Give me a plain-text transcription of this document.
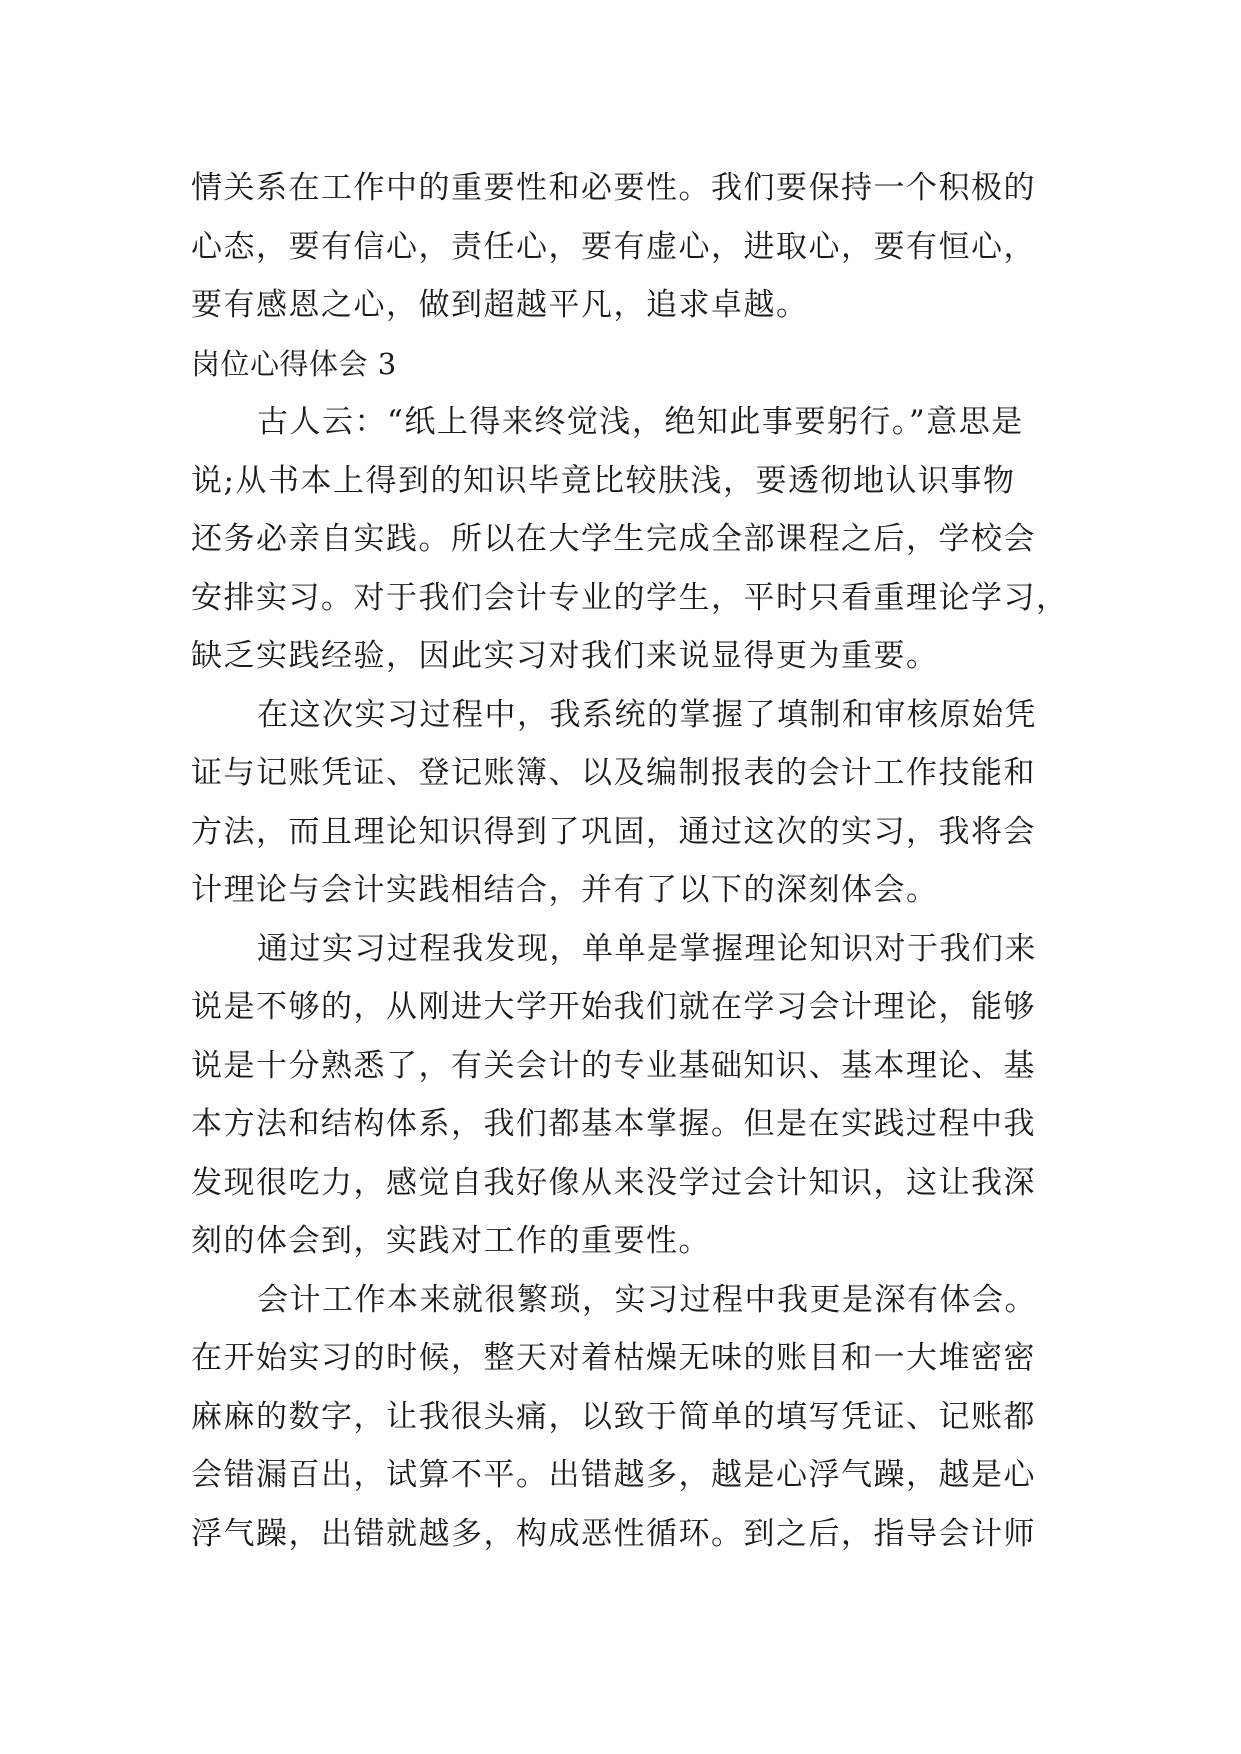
情关系在工作中的重要性和必要性。我们要保持一个积极的
心态，要有信心，责任心，要有虚心，进取心，要有恒心，
要有感恩之心，做到超越平凡，追求卓越。
岗位心得体会 3
古人云：“纸上得来终觉浅，绝知此事要躬行。”意思是
说;从书本上得到的知识毕竟比较肤浅，要透彻地认识事物
还务必亲自实践。所以在大学生完成全部课程之后，学校会
安排实习。对于我们会计专业的学生，平时只看重理论学习，
缺乏实践经验，因此实习对我们来说显得更为重要。
在这次实习过程中，我系统的掌握了填制和审核原始凭
证与记账凭证、登记账簿、以及编制报表的会计工作技能和
方法，而且理论知识得到了巩固，通过这次的实习，我将会
计理论与会计实践相结合，并有了以下的深刻体会。
通过实习过程我发现，单单是掌握理论知识对于我们来
说是不够的，从刚进大学开始我们就在学习会计理论，能够
说是十分熟悉了，有关会计的专业基础知识、基本理论、基
本方法和结构体系，我们都基本掌握。但是在实践过程中我
发现很吃力，感觉自我好像从来没学过会计知识，这让我深
刻的体会到，实践对工作的重要性。
会计工作本来就很繁琐，实习过程中我更是深有体会。
在开始实习的时候，整天对着枯燥无味的账目和一大堆密密
麻麻的数字，让我很头痛，以致于简单的填写凭证、记账都
会错漏百出，试算不平。出错越多，越是心浮气躁，越是心
浮气躁，出错就越多，构成恶性循环。到之后，指导会计师
